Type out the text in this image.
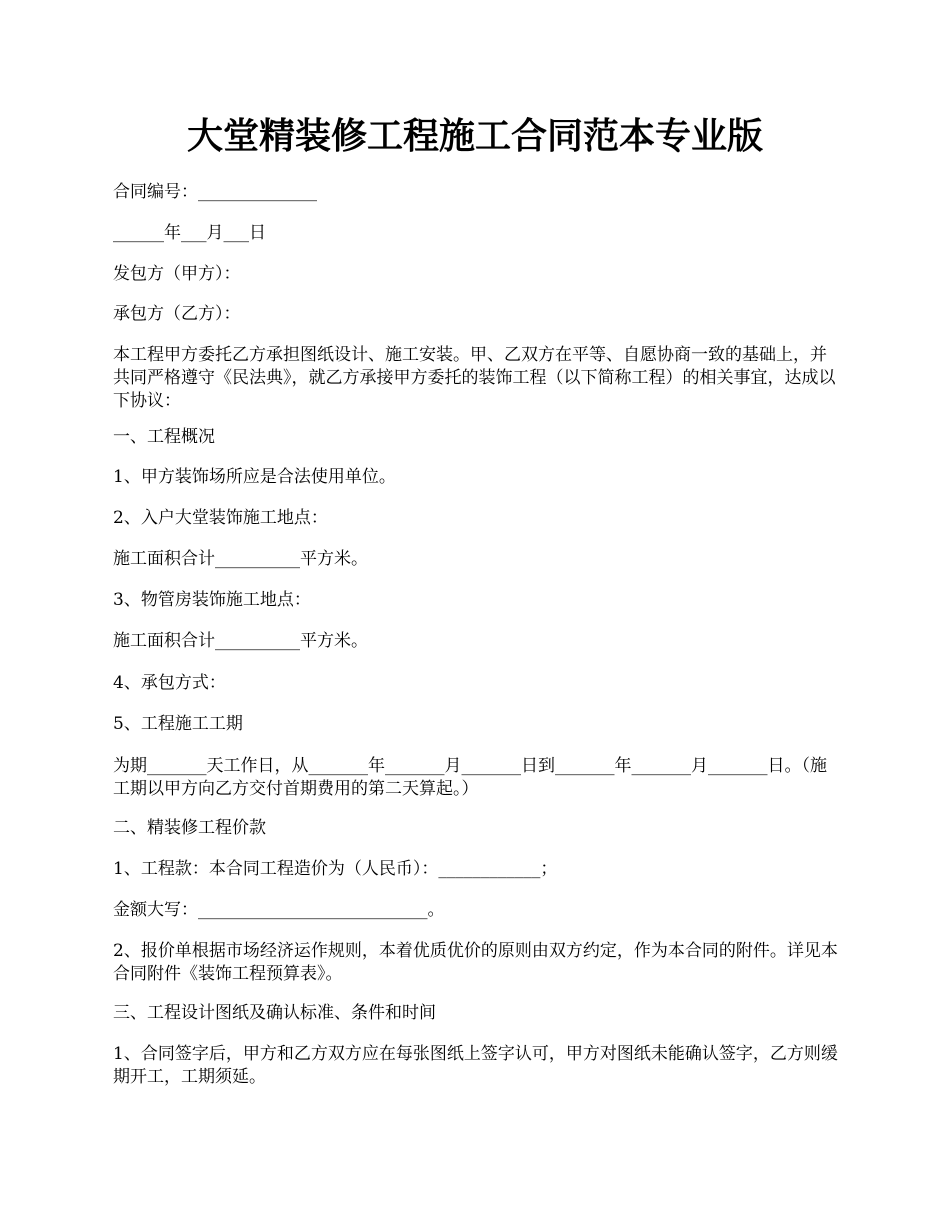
大堂精装修工程施工合同范本专业版

合同编号：______________

______年___月___日

发包方（甲方）：

承包方（乙方）：

本工程甲方委托乙方承担图纸设计、施工安装。甲、乙双方在平等、自愿协商一致的基础上，并共同严格遵守《民法典》，就乙方承接甲方委托的装饰工程（以下简称工程）的相关事宜，达成以下协议：

一、工程概况

1、甲方装饰场所应是合法使用单位。

2、入户大堂装饰施工地点：

施工面积合计__________平方米。

3、物管房装饰施工地点：

施工面积合计__________平方米。

4、承包方式：

5、工程施工工期

为期_______天工作日，从_______年_______月_______日到_______年_______月_______日。（施工期以甲方向乙方交付首期费用的第二天算起。）

二、精装修工程价款

1、工程款：本合同工程造价为（人民币）：____________；

金额大写：___________________________。

2、报价单根据市场经济运作规则，本着优质优价的原则由双方约定，作为本合同的附件。详见本合同附件《装饰工程预算表》。

三、工程设计图纸及确认标准、条件和时间

1、合同签字后，甲方和乙方双方应在每张图纸上签字认可，甲方对图纸未能确认签字，乙方则缓期开工，工期须延。
